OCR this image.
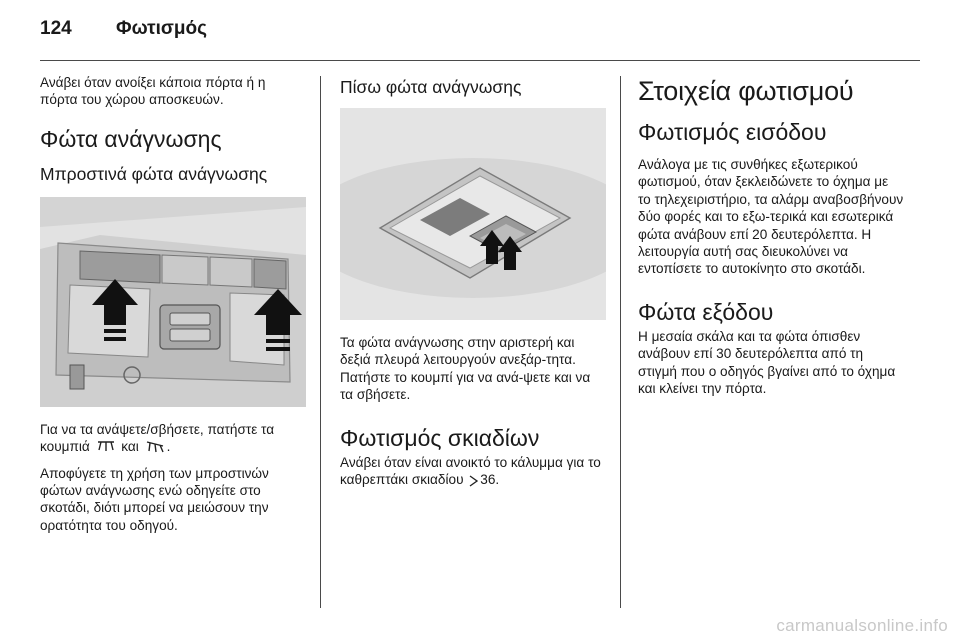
124	Φωτισμός

Ανάβει όταν ανοίξει κάποια πόρτα ή η πόρτα του χώρου αποσκευών.

Φώτα ανάγνωσης
Μπροστινά φώτα ανάγνωσης

Για να τα ανάψετε/σβήσετε, πατήστε τα κουμπιά και .

Αποφύγετε τη χρήση των μπροστινών φώτων ανάγνωσης ενώ οδηγείτε στο σκοτάδι, διότι μπορεί να μειώσουν την ορατότητα του οδηγού.

Πίσω φώτα ανάγνωσης

Τα φώτα ανάγνωσης στην αριστερή και δεξιά πλευρά λειτουργούν ανεξάρ-τητα. Πατήστε το κουμπί για να ανά-ψετε και να τα σβήσετε.

Φωτισμός σκιαδίων

Ανάβει όταν είναι ανοικτό το κάλυμμα για το καθρεπτάκι σκιαδίου 36.

Στοιχεία φωτισμού
Φωτισμός εισόδου

Ανάλογα με τις συνθήκες εξωτερικού φωτισμού, όταν ξεκλειδώνετε το όχημα με το τηλεχειριστήριο, τα αλάρμ αναβοσβήνουν δύο φορές και το εξω-τερικά και εσωτερικά φώτα ανάβουν επί 20 δευτερόλεπτα. Η λειτουργία αυτή σας διευκολύνει να εντοπίσετε το αυτοκίνητο στο σκοτάδι.

Φώτα εξόδου

Η μεσαία σκάλα και τα φώτα όπισθεν ανάβουν επί 30 δευτερόλεπτα από τη στιγμή που ο οδηγός βγαίνει από το όχημα και κλείνει την πόρτα.

carmanualsonline.info
